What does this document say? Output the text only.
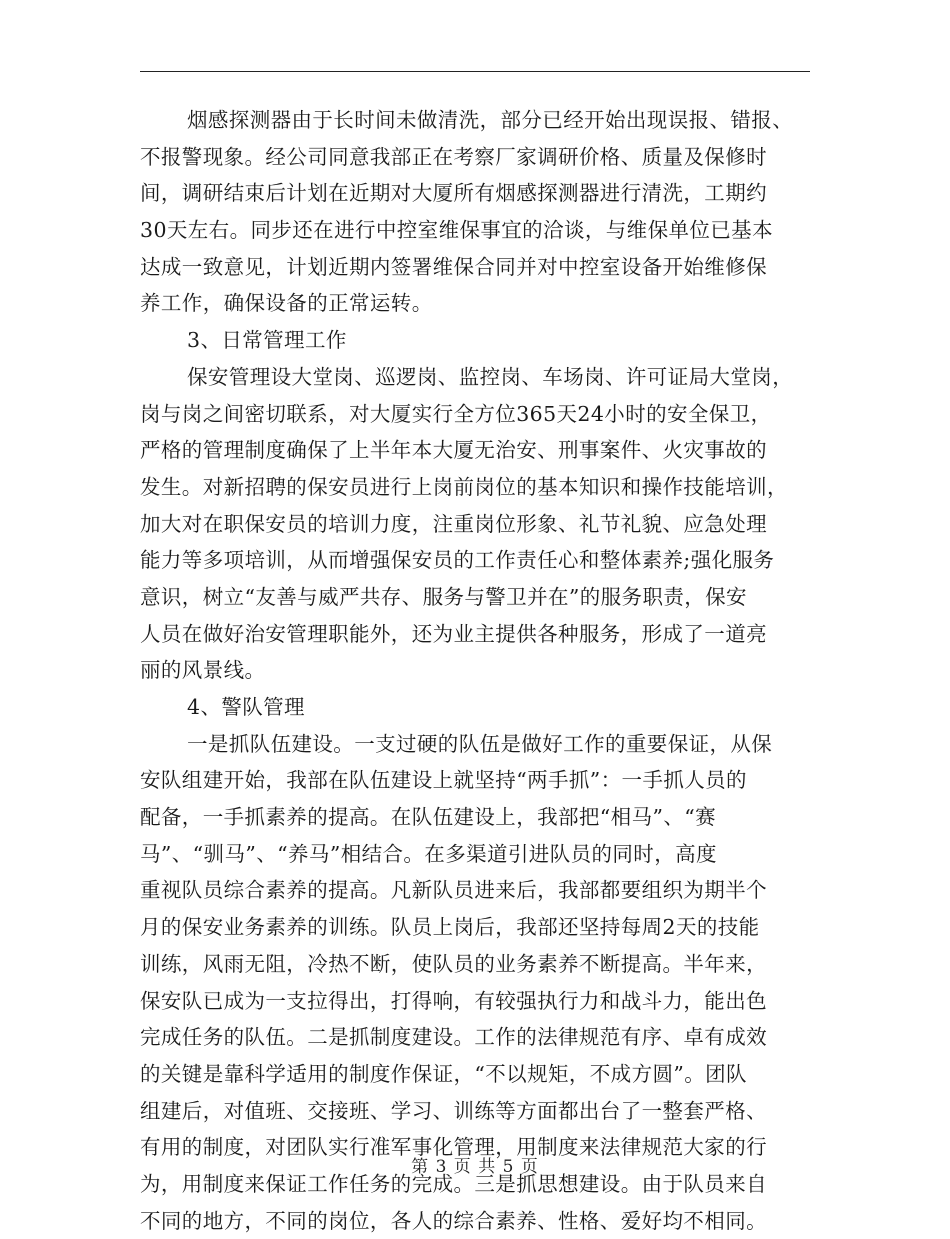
烟感探测器由于长时间未做清洗，部分已经开始出现误报、错报、
不报警现象。经公司同意我部正在考察厂家调研价格、质量及保修时
间，调研结束后计划在近期对大厦所有烟感探测器进行清洗，工期约
30天左右。同步还在进行中控室维保事宜的洽谈，与维保单位已基本
达成一致意见，计划近期内签署维保合同并对中控室设备开始维修保
养工作，确保设备的正常运转。
3、日常管理工作
保安管理设大堂岗、巡逻岗、监控岗、车场岗、许可证局大堂岗，
岗与岗之间密切联系，对大厦实行全方位365天24小时的安全保卫，
严格的管理制度确保了上半年本大厦无治安、刑事案件、火灾事故的
发生。对新招聘的保安员进行上岗前岗位的基本知识和操作技能培训，
加大对在职保安员的培训力度，注重岗位形象、礼节礼貌、应急处理
能力等多项培训，从而增强保安员的工作责任心和整体素养;强化服务
意识，树立“友善与威严共存、服务与警卫并在”的服务职责，保安
人员在做好治安管理职能外，还为业主提供各种服务，形成了一道亮
丽的风景线。
4、警队管理
一是抓队伍建设。一支过硬的队伍是做好工作的重要保证，从保
安队组建开始，我部在队伍建设上就坚持“两手抓”：一手抓人员的
配备，一手抓素养的提高。在队伍建设上，我部把“相马”、“赛
马”、“驯马”、“养马”相结合。在多渠道引进队员的同时，高度
重视队员综合素养的提高。凡新队员进来后，我部都要组织为期半个
月的保安业务素养的训练。队员上岗后，我部还坚持每周2天的技能
训练，风雨无阻，冷热不断，使队员的业务素养不断提高。半年来，
保安队已成为一支拉得出，打得响，有较强执行力和战斗力，能出色
完成任务的队伍。二是抓制度建设。工作的法律规范有序、卓有成效
的关键是靠科学适用的制度作保证，“不以规矩，不成方圆”。团队
组建后，对值班、交接班、学习、训练等方面都出台了一整套严格、
有用的制度，对团队实行准军事化管理，用制度来法律规范大家的行
为，用制度来保证工作任务的完成。三是抓思想建设。由于队员来自
不同的地方，不同的岗位，各人的综合素养、性格、爱好均不相同。
第 3 页 共 5 页
